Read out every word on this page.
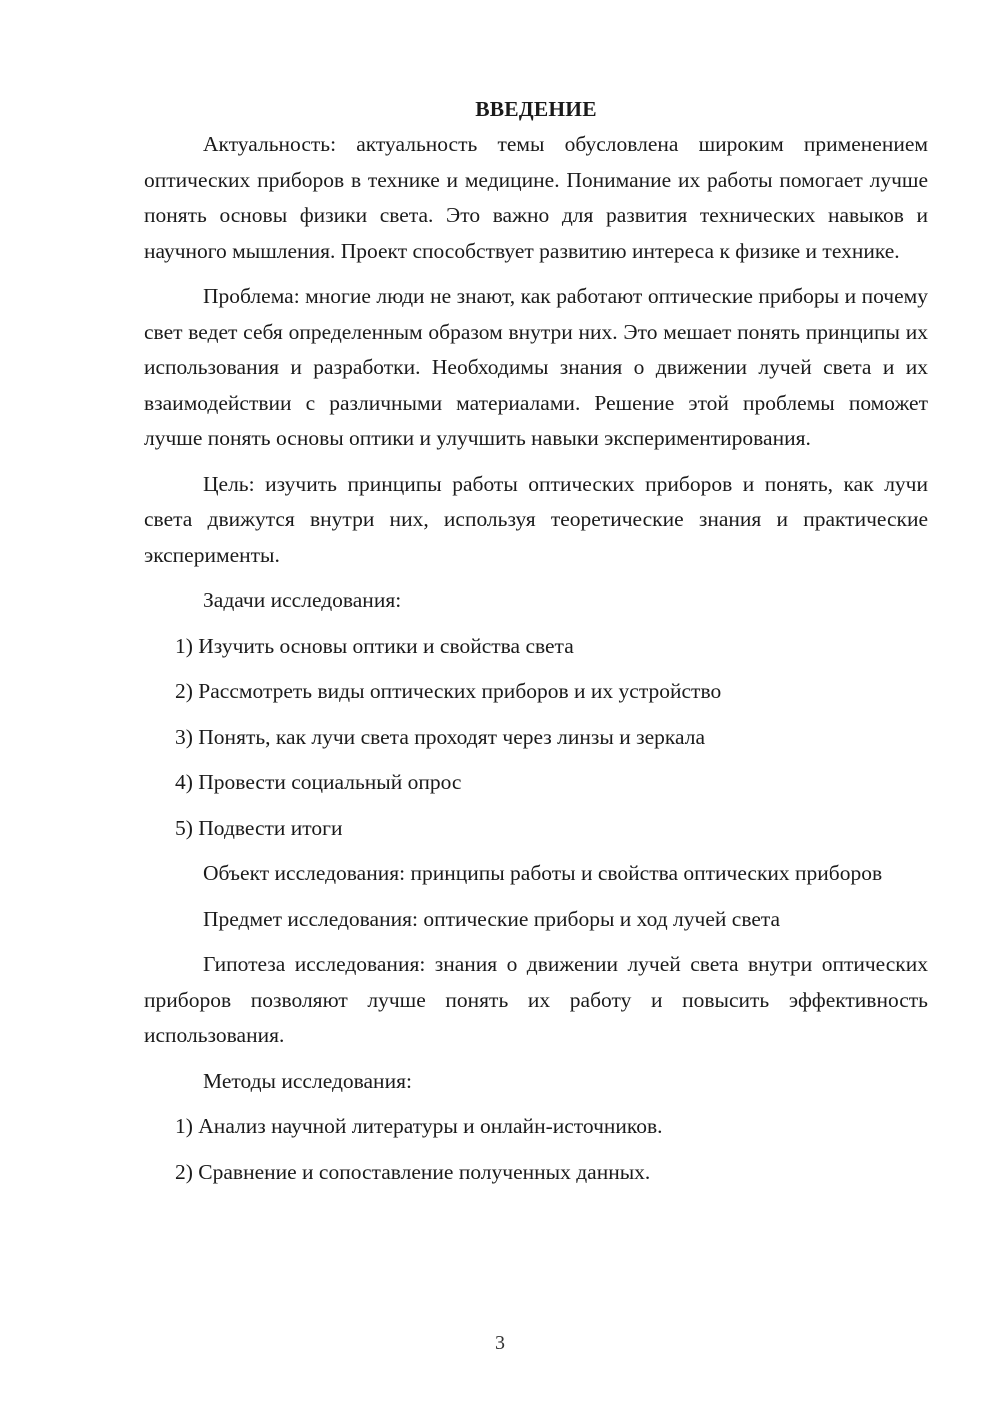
ВВЕДЕНИЕ

Актуальность: актуальность темы обусловлена широким применением оптических приборов в технике и медицине. Понимание их работы помогает лучше понять основы физики света. Это важно для развития технических навыков и научного мышления. Проект способствует развитию интереса к физике и технике.

Проблема: многие люди не знают, как работают оптические приборы и почему свет ведет себя определенным образом внутри них. Это мешает понять принципы их использования и разработки. Необходимы знания о движении лучей света и их взаимодействии с различными материалами. Решение этой проблемы поможет лучше понять основы оптики и улучшить навыки экспериментирования.

Цель: изучить принципы работы оптических приборов и понять, как лучи света движутся внутри них, используя теоретические знания и практические эксперименты.

Задачи исследования:

1) Изучить основы оптики и свойства света

2) Рассмотреть виды оптических приборов и их устройство

3) Понять, как лучи света проходят через линзы и зеркала

4) Провести социальный опрос

5) Подвести итоги

Объект исследования: принципы работы и свойства оптических приборов

Предмет исследования: оптические приборы и ход лучей света

Гипотеза исследования: знания о движении лучей света внутри оптических приборов позволяют лучше понять их работу и повысить эффективность использования.

Методы исследования:

1) Анализ научной литературы и онлайн-источников.

2) Сравнение и сопоставление полученных данных.

3
